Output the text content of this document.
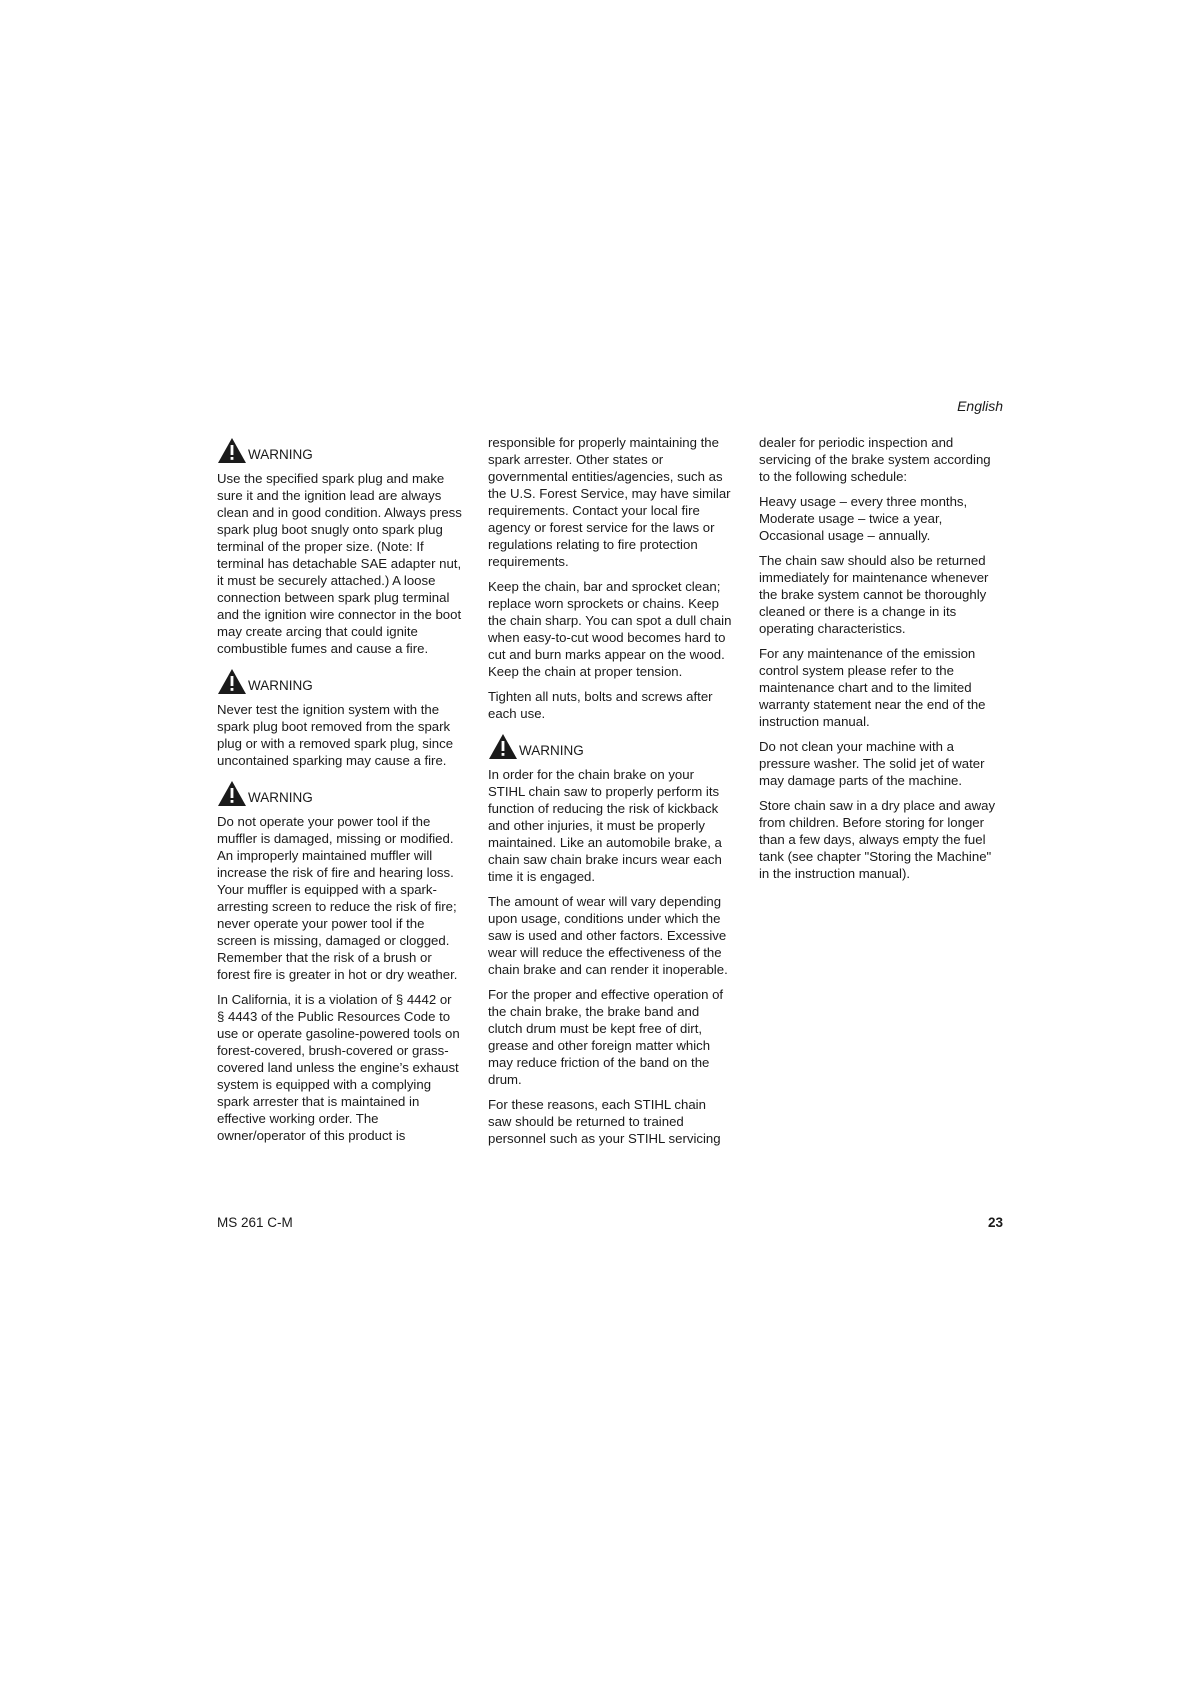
English
WARNING

Use the specified spark plug and make sure it and the ignition lead are always clean and in good condition. Always press spark plug boot snugly onto spark plug terminal of the proper size. (Note: If terminal has detachable SAE adapter nut, it must be securely attached.) A loose connection between spark plug terminal and the ignition wire connector in the boot may create arcing that could ignite combustible fumes and cause a fire.

WARNING

Never test the ignition system with the spark plug boot removed from the spark plug or with a removed spark plug, since uncontained sparking may cause a fire.

WARNING

Do not operate your power tool if the muffler is damaged, missing or modified. An improperly maintained muffler will increase the risk of fire and hearing loss. Your muffler is equipped with a spark-arresting screen to reduce the risk of fire; never operate your power tool if the screen is missing, damaged or clogged. Remember that the risk of a brush or forest fire is greater in hot or dry weather.

In California, it is a violation of § 4442 or § 4443 of the Public Resources Code to use or operate gasoline-powered tools on forest-covered, brush-covered or grass-covered land unless the engine’s exhaust system is equipped with a complying spark arrester that is maintained in effective working order. The owner/operator of this product is

responsible for properly maintaining the spark arrester. Other states or governmental entities/agencies, such as the U.S. Forest Service, may have similar requirements. Contact your local fire agency or forest service for the laws or regulations relating to fire protection requirements.

Keep the chain, bar and sprocket clean; replace worn sprockets or chains. Keep the chain sharp. You can spot a dull chain when easy-to-cut wood becomes hard to cut and burn marks appear on the wood. Keep the chain at proper tension.

Tighten all nuts, bolts and screws after each use.

WARNING

In order for the chain brake on your STIHL chain saw to properly perform its function of reducing the risk of kickback and other injuries, it must be properly maintained. Like an automobile brake, a chain saw chain brake incurs wear each time it is engaged.

The amount of wear will vary depending upon usage, conditions under which the saw is used and other factors. Excessive wear will reduce the effectiveness of the chain brake and can render it inoperable.

For the proper and effective operation of the chain brake, the brake band and clutch drum must be kept free of dirt, grease and other foreign matter which may reduce friction of the band on the drum.

For these reasons, each STIHL chain saw should be returned to trained personnel such as your STIHL servicing

dealer for periodic inspection and servicing of the brake system according to the following schedule:

Heavy usage – every three months,
Moderate usage – twice a year,
Occasional usage – annually.

The chain saw should also be returned immediately for maintenance whenever the brake system cannot be thoroughly cleaned or there is a change in its operating characteristics.

For any maintenance of the emission control system please refer to the maintenance chart and to the limited warranty statement near the end of the instruction manual.

Do not clean your machine with a pressure washer. The solid jet of water may damage parts of the machine.

Store chain saw in a dry place and away from children. Before storing for longer than a few days, always empty the fuel tank (see chapter "Storing the Machine" in the instruction manual).

MS 261 C-M	23
